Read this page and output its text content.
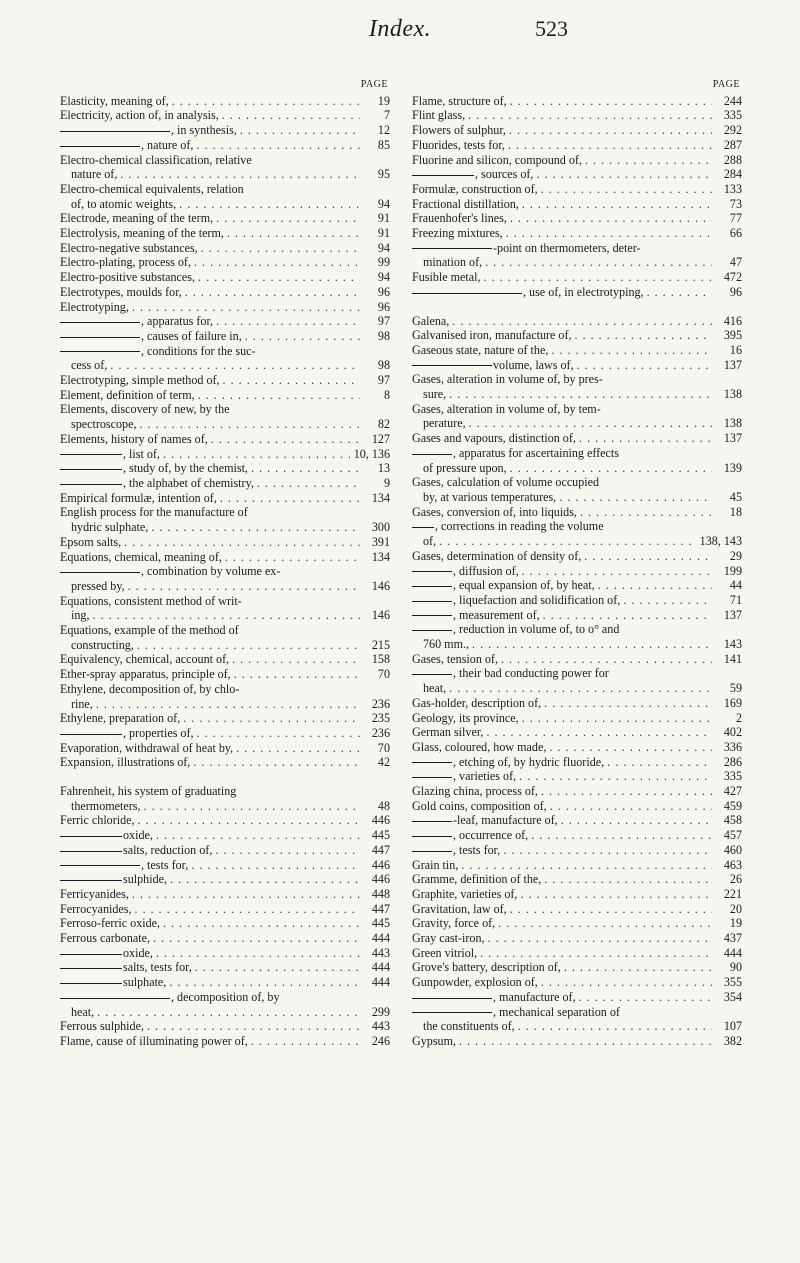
Index.	523
PAGE
Elasticity, meaning of, . . .	19
Electricity, action of, in analysis, . . .	7
, in synthesis, . . .	12
, nature of, . . .	85
Electro-chemical classification, relative
nature of, . . .	95
Electro-chemical equivalents, relation
of, to atomic weights, . . .	94
Electrode, meaning of the term, . . .	91
Electrolysis, meaning of the term, . . .	91
Electro-negative substances, . . .	94
Electro-plating, process of, . . .	99
Electro-positive substances, . . .	94
Electrotypes, moulds for, . . .	96
Electrotyping, . . .	96
, apparatus for, . . .	97
, causes of failure in, . . .	98
, conditions for the suc-
cess of, . . .	98
Electrotyping, simple method of, . . .	97
Element, definition of term, . . .	8
Elements, discovery of new, by the
spectroscope, . . .	82
Elements, history of names of, . . .	127
, list of, . . .	10, 136
, study of, by the chemist, . . .	13
, the alphabet of chemistry, . . .	9
Empirical formulæ, intention of, . . .	134
English process for the manufacture of
hydric sulphate, . . .	300
Epsom salts, . . .	391
Equations, chemical, meaning of, . . .	134
, combination by volume ex-
pressed by, . . .	146
Equations, consistent method of writ-
ing, . . .	146
Equations, example of the method of
constructing, . . .	215
Equivalency, chemical, account of, . . .	158
Ether-spray apparatus, principle of, . . .	70
Ethylene, decomposition of, by chlo-
rine, . . .	236
Ethylene, preparation of, . . .	235
, properties of, . . .	236
Evaporation, withdrawal of heat by, . . .	70
Expansion, illustrations of, . . .	42
Fahrenheit, his system of graduating
thermometers, . . .	48
Ferric chloride, . . .	446
oxide, . . .	445
salts, reduction of, . . .	447
, tests for, . . .	446
sulphide, . . .	446
Ferricyanides, . . .	448
Ferrocyanides, . . .	447
Ferroso-ferric oxide, . . .	445
Ferrous carbonate, . . .	444
oxide, . . .	443
salts, tests for, . . .	444
sulphate, . . .	444
, decomposition of, by
heat, . . .	299
Ferrous sulphide, . . .	443
Flame, cause of illuminating power of, . . .	246
PAGE
Flame, structure of, . . .	244
Flint glass, . . .	335
Flowers of sulphur, . . .	292
Fluorides, tests for, . . .	287
Fluorine and silicon, compound of, . . .	288
, sources of, . . .	284
Formulæ, construction of, . . .	133
Fractional distillation, . . .	73
Frauenhofer's lines, . . .	77
Freezing mixtures, . . .	66
-point on thermometers, deter-
mination of, . . .	47
Fusible metal, . . .	472
, use of, in electrotyping, . . .	96
Galena, . . .	416
Galvanised iron, manufacture of, . . .	395
Gaseous state, nature of the, . . .	16
volume, laws of, . . .	137
Gases, alteration in volume of, by pres-
sure, . . .	138
Gases, alteration in volume of, by tem-
perature, . . .	138
Gases and vapours, distinction of, . . .	137
, apparatus for ascertaining effects
of pressure upon, . . .	139
Gases, calculation of volume occupied
by, at various temperatures, . . .	45
Gases, conversion of, into liquids, . . .	18
, corrections in reading the volume
of, . . .	138, 143
Gases, determination of density of, . . .	29
, diffusion of, . . .	199
, equal expansion of, by heat, . . .	44
, liquefaction and solidification of, . . .	71
, measurement of, . . .	137
, reduction in volume of, to o° and
760 mm., . . .	143
Gases, tension of, . . .	141
, their bad conducting power for
heat, . . .	59
Gas-holder, description of, . . .	169
Geology, its province, . . .	2
German silver, . . .	402
Glass, coloured, how made, . . .	336
, etching of, by hydric fluoride, . . .	286
, varieties of, . . .	335
Glazing china, process of, . . .	427
Gold coins, composition of, . . .	459
-leaf, manufacture of, . . .	458
, occurrence of, . . .	457
, tests for, . . .	460
Grain tin, . . .	463
Gramme, definition of the, . . .	26
Graphite, varieties of, . . .	221
Gravitation, law of, . . .	20
Gravity, force of, . . .	19
Gray cast-iron, . . .	437
Green vitriol, . . .	444
Grove's battery, description of, . . .	90
Gunpowder, explosion of, . . .	355
, manufacture of, . . .	354
, mechanical separation of
the constituents of, . . .	107
Gypsum, . . .	382
